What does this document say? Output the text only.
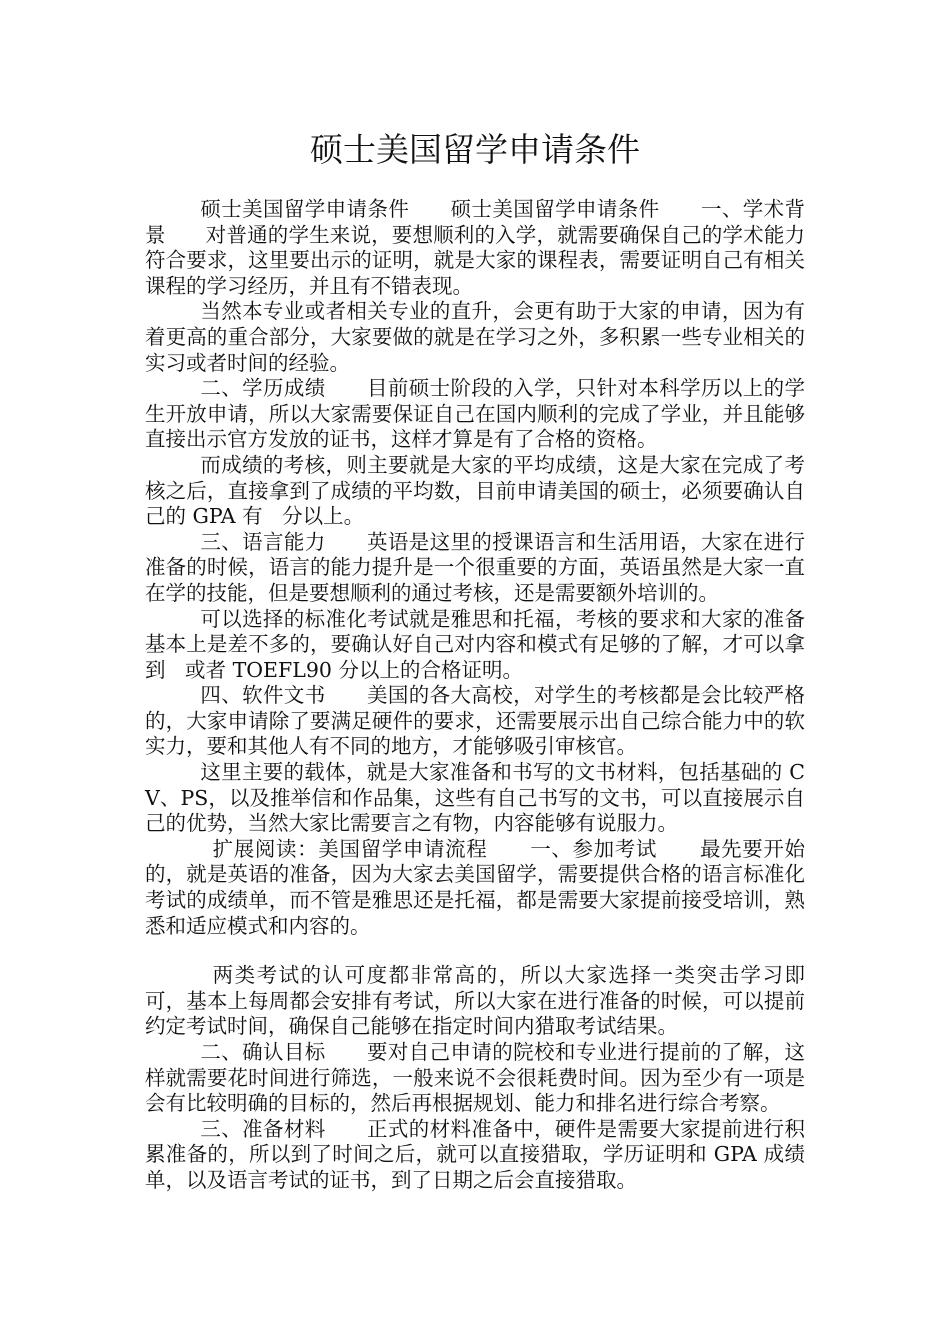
硕士美国留学申请条件

硕士美国留学申请条件      硕士美国留学申请条件      一、学术背景      对普通的学生来说，要想顺利的入学，就需要确保自己的学术能力符合要求，这里要出示的证明，就是大家的课程表，需要证明自己有相关课程的学习经历，并且有不错表现。

当然本专业或者相关专业的直升，会更有助于大家的申请，因为有着更高的重合部分，大家要做的就是在学习之外，多积累一些专业相关的实习或者时间的经验。

二、学历成绩      目前硕士阶段的入学，只针对本科学历以上的学生开放申请，所以大家需要保证自己在国内顺利的完成了学业，并且能够直接出示官方发放的证书，这样才算是有了合格的资格。

而成绩的考核，则主要就是大家的平均成绩，这是大家在完成了考核之后，直接拿到了成绩的平均数，目前申请美国的硕士，必须要确认自己的 GPA 有   分以上。

三、语言能力      英语是这里的授课语言和生活用语，大家在进行准备的时候，语言的能力提升是一个很重要的方面，英语虽然是大家一直在学的技能，但是要想顺利的通过考核，还是需要额外培训的。

可以选择的标准化考试就是雅思和托福，考核的要求和大家的准备基本上是差不多的，要确认好自己对内容和模式有足够的了解，才可以拿到   或者 TOEFL90 分以上的合格证明。

四、软件文书      美国的各大高校，对学生的考核都是会比较严格的，大家申请除了要满足硬件的要求，还需要展示出自己综合能力中的软实力，要和其他人有不同的地方，才能够吸引审核官。

这里主要的载体，就是大家准备和书写的文书材料，包括基础的 CV、PS，以及推举信和作品集，这些有自己书写的文书，可以直接展示自己的优势，当然大家比需要言之有物，内容能够有说服力。

扩展阅读：美国留学申请流程      一、参加考试      最先要开始的，就是英语的准备，因为大家去美国留学，需要提供合格的语言标准化考试的成绩单，而不管是雅思还是托福，都是需要大家提前接受培训，熟悉和适应模式和内容的。

两类考试的认可度都非常高的，所以大家选择一类突击学习即可，基本上每周都会安排有考试，所以大家在进行准备的时候，可以提前约定考试时间，确保自己能够在指定时间内猎取考试结果。

二、确认目标      要对自己申请的院校和专业进行提前的了解，这样就需要花时间进行筛选，一般来说不会很耗费时间。因为至少有一项是会有比较明确的目标的，然后再根据规划、能力和排名进行综合考察。

三、准备材料      正式的材料准备中，硬件是需要大家提前进行积累准备的，所以到了时间之后，就可以直接猎取，学历证明和 GPA 成绩单，以及语言考试的证书，到了日期之后会直接猎取。
